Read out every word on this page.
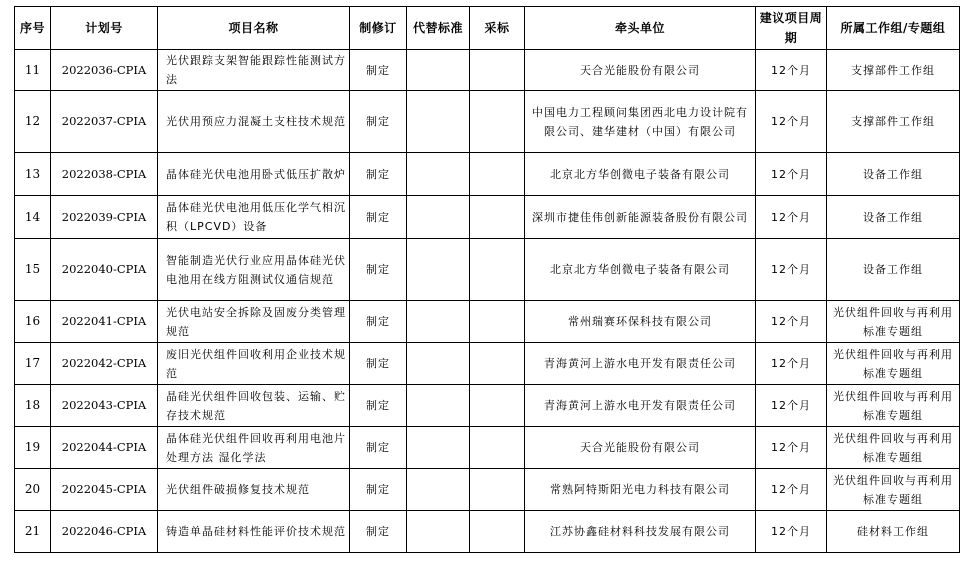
序号	计划号	项目名称	制修订	代替标准	采标	牵头单位	建议项目周期	所属工作组/专题组
11	2022036-CPIA	光伏跟踪支架智能跟踪性能测试方法	制定			天合光能股份有限公司	12个月	支撑部件工作组
12	2022037-CPIA	光伏用预应力混凝土支柱技术规范	制定			中国电力工程顾问集团西北电力设计院有限公司、建华建材（中国）有限公司	12个月	支撑部件工作组
13	2022038-CPIA	晶体硅光伏电池用卧式低压扩散炉	制定			北京北方华创微电子装备有限公司	12个月	设备工作组
14	2022039-CPIA	晶体硅光伏电池用低压化学气相沉积（LPCVD）设备	制定			深圳市捷佳伟创新能源装备股份有限公司	12个月	设备工作组
15	2022040-CPIA	智能制造光伏行业应用晶体硅光伏电池用在线方阻测试仪通信规范	制定			北京北方华创微电子装备有限公司	12个月	设备工作组
16	2022041-CPIA	光伏电站安全拆除及固废分类管理规范	制定			常州瑞赛环保科技有限公司	12个月	光伏组件回收与再利用标准专题组
17	2022042-CPIA	废旧光伏组件回收利用企业技术规范	制定			青海黄河上游水电开发有限责任公司	12个月	光伏组件回收与再利用标准专题组
18	2022043-CPIA	晶硅光伏组件回收包装、运输、贮存技术规范	制定			青海黄河上游水电开发有限责任公司	12个月	光伏组件回收与再利用标准专题组
19	2022044-CPIA	晶体硅光伏组件回收再利用电池片处理方法 湿化学法	制定			天合光能股份有限公司	12个月	光伏组件回收与再利用标准专题组
20	2022045-CPIA	光伏组件破损修复技术规范	制定			常熟阿特斯阳光电力科技有限公司	12个月	光伏组件回收与再利用标准专题组
21	2022046-CPIA	铸造单晶硅材料性能评价技术规范	制定			江苏协鑫硅材料科技发展有限公司	12个月	硅材料工作组
